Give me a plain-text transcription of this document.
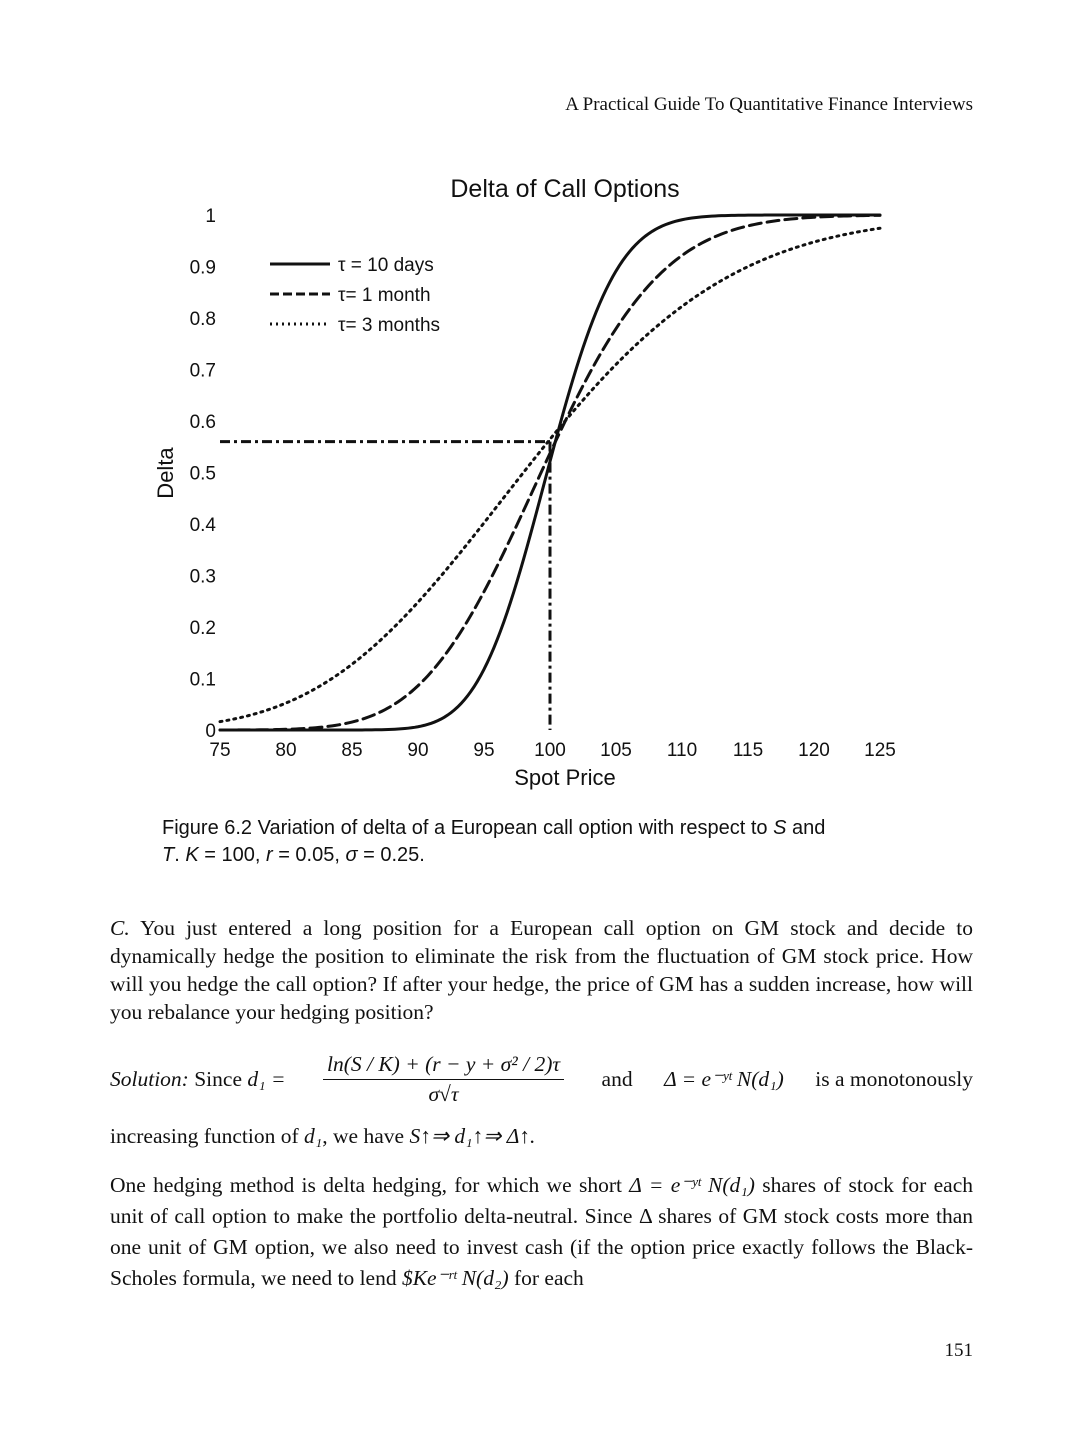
A Practical Guide To Quantitative Finance Interviews
Delta of Call Options
0
0.1
0.2
0.3
0.4
0.5
0.6
0.7
0.8
0.9
1
75 80 85 90 95 100 105 110 115 120 125
Spot Price
Delta
τ = 10 days
τ= 1 month
τ= 3 months
Figure 6.2 Variation of delta of a European call option with respect to S and
T. K = 100, r = 0.05, σ = 0.25.
C. You just entered a long position for a European call option on GM stock and decide to dynamically hedge the position to eliminate the risk from the fluctuation of GM stock price. How will you hedge the call option? If after your hedge, the price of GM has a sudden increase, how will you rebalance your hedging position?
Solution: Since $d_1 = \frac{\text{ln(S / K) + (r − y + σ² / 2)τ}}{\sigma√\tau}$ and Δ = e⁻ʸᵗ N(d₁) is a monotonously
increasing function of d₁, we have S↑⇒ d₁↑⇒ Δ↑.
One hedging method is delta hedging, for which we short Δ = e⁻ʸᵗ N(d₁) shares of stock for each unit of call option to make the portfolio delta-neutral. Since Δ shares of GM stock costs more than one unit of GM option, we also need to invest cash (if the option price exactly follows the Black-Scholes formula, we need to lend $Ke⁻ʳᵗ N(d₂) for each
151
